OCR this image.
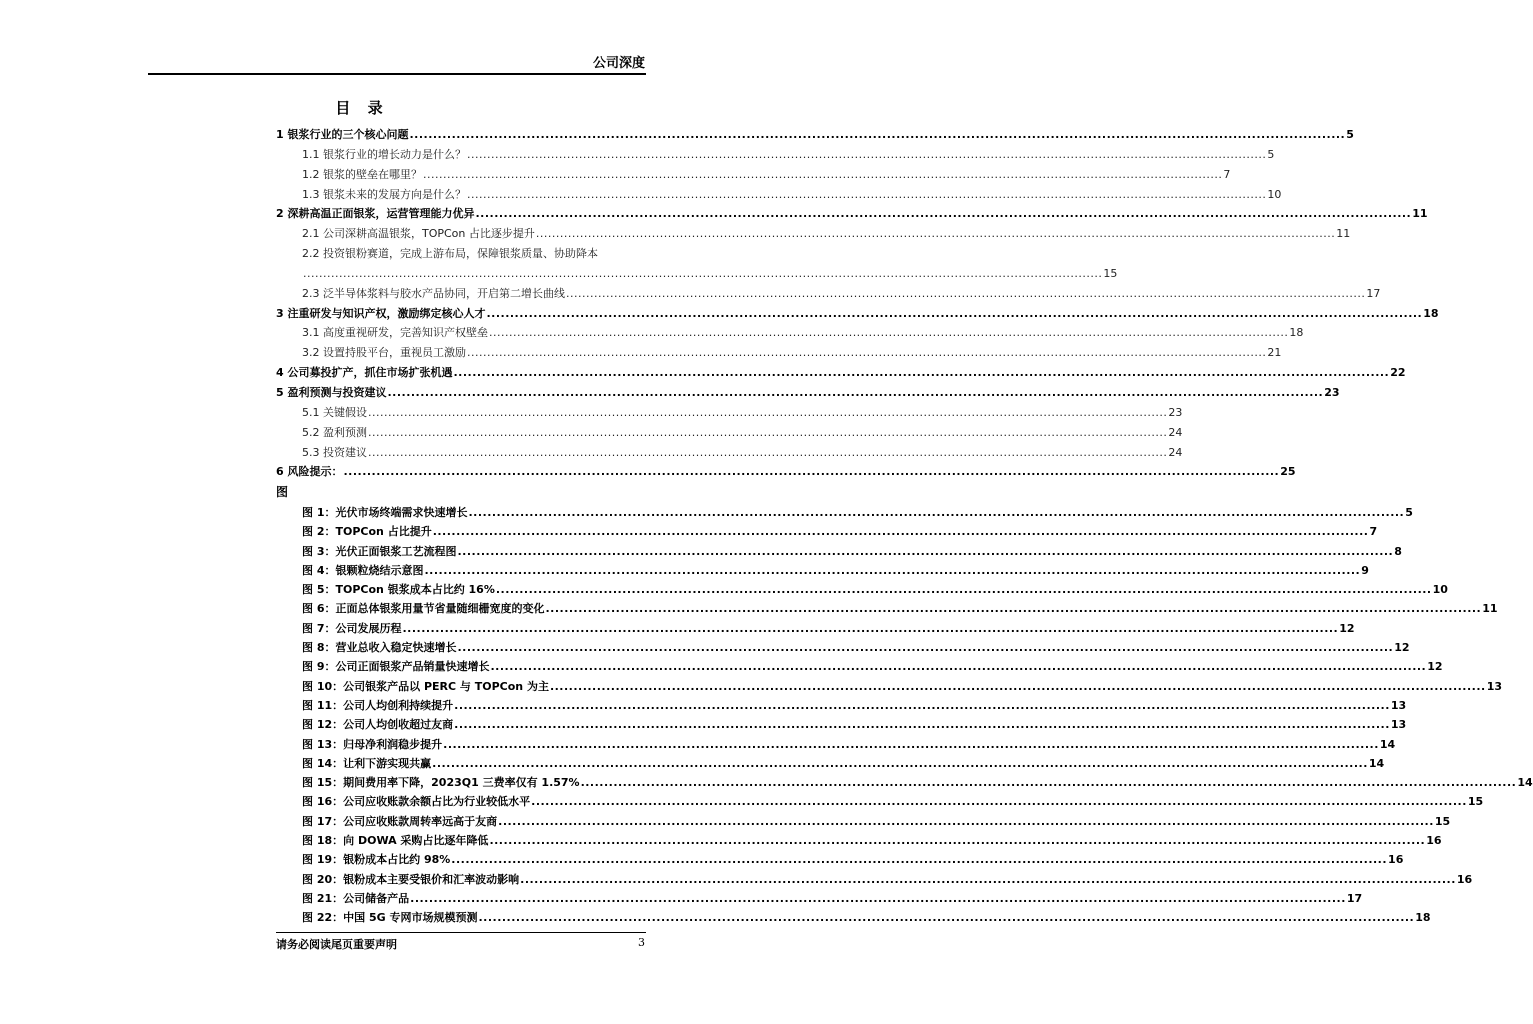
公司深度
目 录
1 银浆行业的三个核心问题 ........................................................................................................................................................................................................ 5
1.1 银浆行业的增长动力是什么？ ........................................................................................................................................................................................................ 5
1.2 银浆的壁垒在哪里？ ........................................................................................................................................................................................................ 7
1.3 银浆未来的发展方向是什么？ ........................................................................................................................................................................................................ 10
2 深耕高温正面银浆，运营管理能力优异 ........................................................................................................................................................................................................ 11
2.1 公司深耕高温银浆，TOPCon 占比逐步提升 ........................................................................................................................................................................................................ 11
2.2 投资银粉赛道，完成上游布局，保障银浆质量、协助降本
........................................................................................................................................................................................................ 15
2.3 泛半导体浆料与胶水产品协同，开启第二增长曲线 ........................................................................................................................................................................................................ 17
3 注重研发与知识产权，激励绑定核心人才 ........................................................................................................................................................................................................ 18
3.1 高度重视研发，完善知识产权壁垒 ........................................................................................................................................................................................................ 18
3.2 设置持股平台，重视员工激励 ........................................................................................................................................................................................................ 21
4 公司募投扩产，抓住市场扩张机遇 ........................................................................................................................................................................................................ 22
5 盈利预测与投资建议 ........................................................................................................................................................................................................ 23
5.1 关键假设 ........................................................................................................................................................................................................ 23
5.2 盈利预测 ........................................................................................................................................................................................................ 24
5.3 投资建议 ........................................................................................................................................................................................................ 24
6 风险提示： ........................................................................................................................................................................................................ 25
图
图 1：光伏市场终端需求快速增长 ........................................................................................................................................................................................................ 5
图 2：TOPCon 占比提升 ........................................................................................................................................................................................................ 7
图 3：光伏正面银浆工艺流程图 ........................................................................................................................................................................................................ 8
图 4：银颗粒烧结示意图 ........................................................................................................................................................................................................ 9
图 5：TOPCon 银浆成本占比约 16% ........................................................................................................................................................................................................ 10
图 6：正面总体银浆用量节省量随细栅宽度的变化 ........................................................................................................................................................................................................ 11
图 7：公司发展历程 ........................................................................................................................................................................................................ 12
图 8：营业总收入稳定快速增长 ........................................................................................................................................................................................................ 12
图 9：公司正面银浆产品销量快速增长 ........................................................................................................................................................................................................ 12
图 10：公司银浆产品以 PERC 与 TOPCon 为主 ........................................................................................................................................................................................................ 13
图 11：公司人均创利持续提升 ........................................................................................................................................................................................................ 13
图 12：公司人均创收超过友商 ........................................................................................................................................................................................................ 13
图 13：归母净利润稳步提升 ........................................................................................................................................................................................................ 14
图 14：让利下游实现共赢 ........................................................................................................................................................................................................ 14
图 15：期间费用率下降，2023Q1 三费率仅有 1.57% ........................................................................................................................................................................................................ 14
图 16：公司应收账款余额占比为行业较低水平 ........................................................................................................................................................................................................ 15
图 17：公司应收账款周转率远高于友商 ........................................................................................................................................................................................................ 15
图 18：向 DOWA 采购占比逐年降低 ........................................................................................................................................................................................................ 16
图 19：银粉成本占比约 98% ........................................................................................................................................................................................................ 16
图 20：银粉成本主要受银价和汇率波动影响 ........................................................................................................................................................................................................ 16
图 21：公司储备产品 ........................................................................................................................................................................................................ 17
图 22：中国 5G 专网市场规模预测 ........................................................................................................................................................................................................ 18
请务必阅读尾页重要声明	3
